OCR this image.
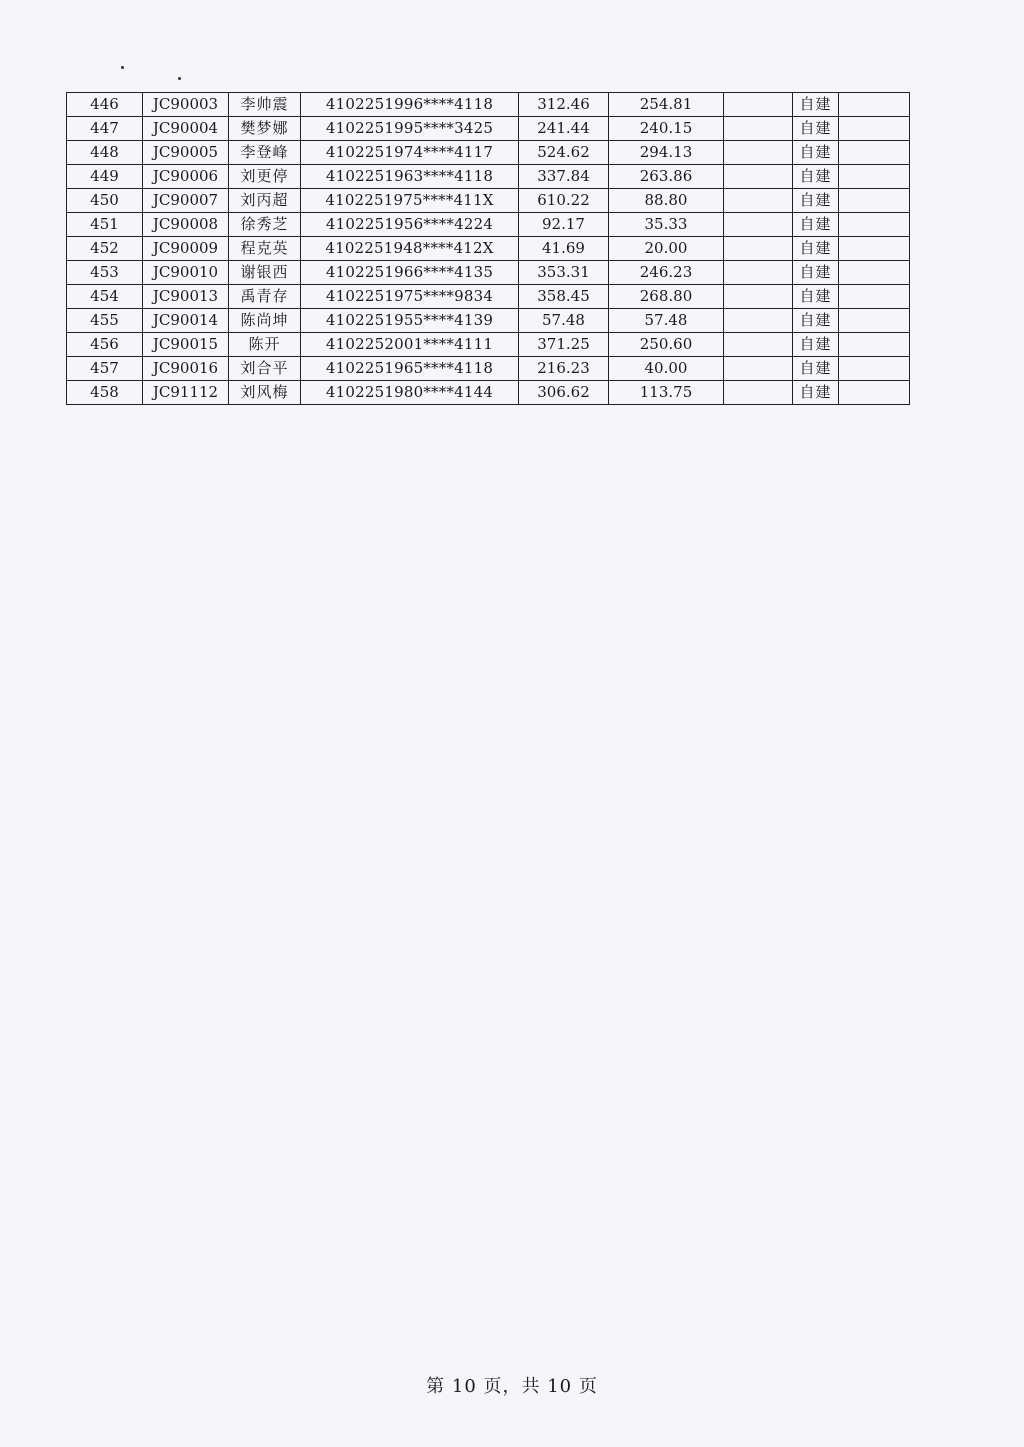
446	JC90003	李帅震	4102251996****4118	312.46	254.81		自建	
447	JC90004	樊梦娜	4102251995****3425	241.44	240.15		自建	
448	JC90005	李登峰	4102251974****4117	524.62	294.13		自建	
449	JC90006	刘更停	4102251963****4118	337.84	263.86		自建	
450	JC90007	刘丙超	4102251975****411X	610.22	88.80		自建	
451	JC90008	徐秀芝	4102251956****4224	92.17	35.33		自建	
452	JC90009	程克英	4102251948****412X	41.69	20.00		自建	
453	JC90010	谢银西	4102251966****4135	353.31	246.23		自建	
454	JC90013	禹青存	4102251975****9834	358.45	268.80		自建	
455	JC90014	陈尚坤	4102251955****4139	57.48	57.48		自建	
456	JC90015	陈开	4102252001****4111	371.25	250.60		自建	
457	JC90016	刘合平	4102251965****4118	216.23	40.00		自建	
458	JC91112	刘风梅	4102251980****4144	306.62	113.75		自建	
第 10 页，共 10 页
